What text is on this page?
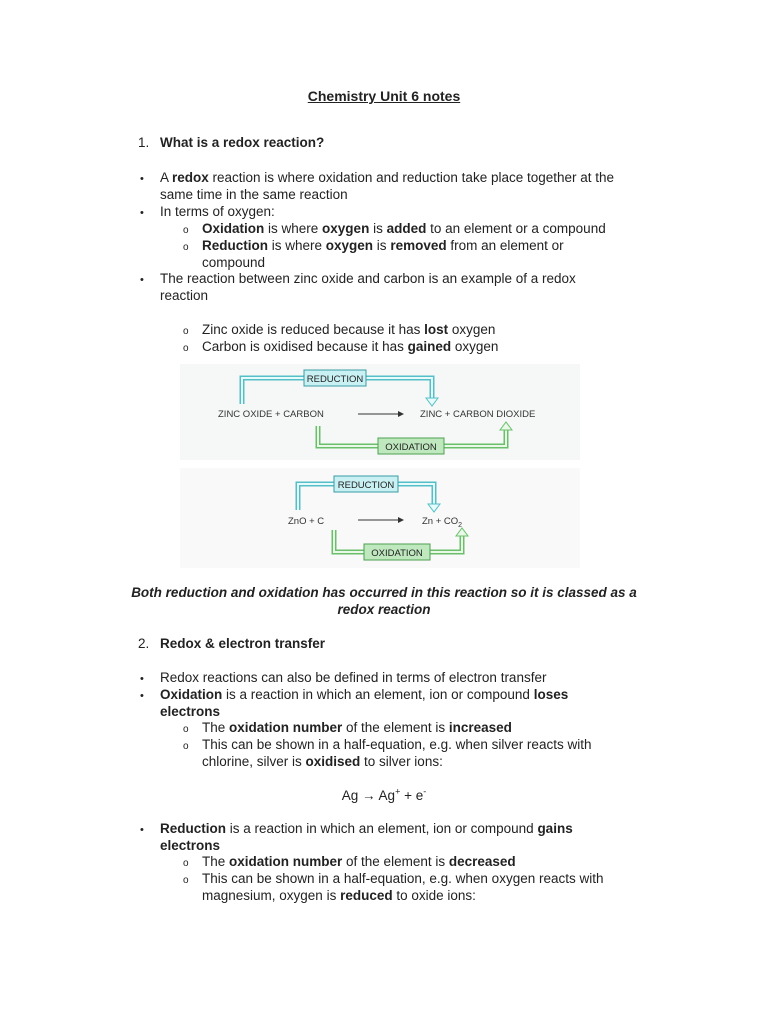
Chemistry Unit 6 notes
1. What is a redox reaction?
• A redox reaction is where oxidation and reduction take place together at the
same time in the same reaction
• In terms of oxygen:
o Oxidation is where oxygen is added to an element or a compound
o Reduction is where oxygen is removed from an element or
compound
• The reaction between zinc oxide and carbon is an example of a redox
reaction
o Zinc oxide is reduced because it has lost oxygen
o Carbon is oxidised because it has gained oxygen
REDUCTION
ZINC OXIDE + CARBON	ZINC + CARBON DIOXIDE
OXIDATION
REDUCTION
ZnO + C	$Zn + CO_2$
OXIDATION
Both reduction and oxidation has occurred in this reaction so it is classed as a
redox reaction
2. Redox & electron transfer
• Redox reactions can also be defined in terms of electron transfer
• Oxidation is a reaction in which an element, ion or compound loses
electrons
o The oxidation number of the element is increased
o This can be shown in a half-equation, e.g. when silver reacts with
chlorine, silver is oxidised to silver ions:
Ag → Ag+ + e-
• Reduction is a reaction in which an element, ion or compound gains
electrons
o The oxidation number of the element is decreased
o This can be shown in a half-equation, e.g. when oxygen reacts with
magnesium, oxygen is reduced to oxide ions:
